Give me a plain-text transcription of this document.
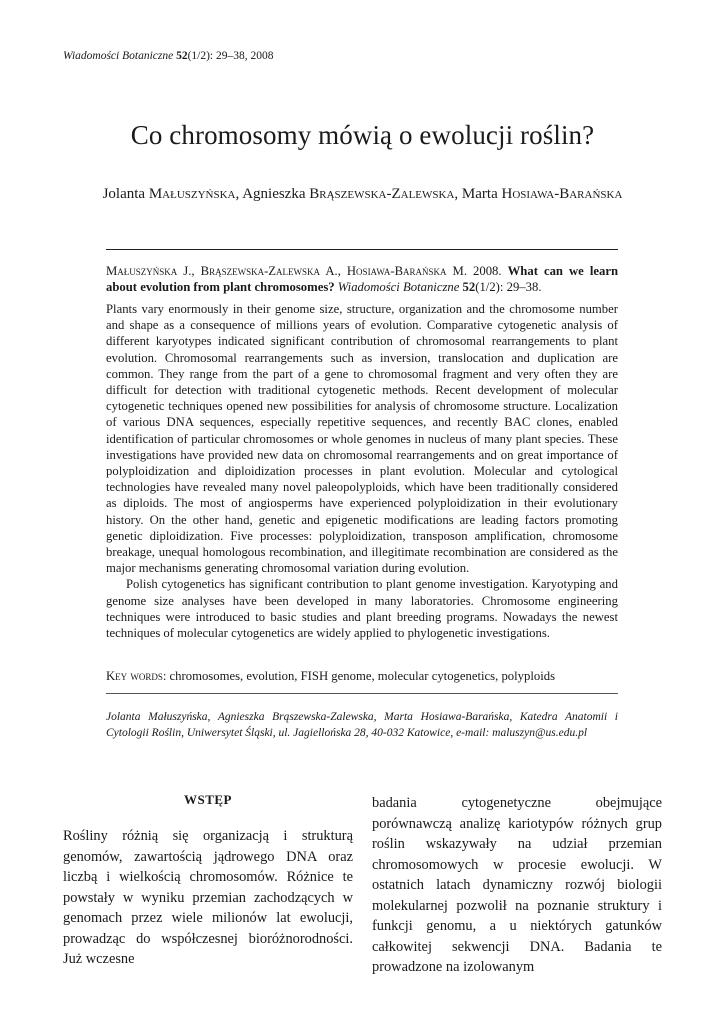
Wiadomości Botaniczne 52(1/2): 29–38, 2008
Co chromosomy mówią o ewolucji roślin?
Jolanta Małuszyńska, Agnieszka Brąszewska-Zalewska, Marta Hosiawa-Barańska
Małuszyńska J., Brąszewska-Zalewska A., Hosiawa-Barańska M. 2008. What can we learn about evolution from plant chromosomes? Wiadomości Botaniczne 52(1/2): 29–38.

Plants vary enormously in their genome size, structure, organization and the chromosome number and shape as a consequence of millions years of evolution. Comparative cytogenetic analysis of different karyotypes indicated significant contribution of chromosomal rearrangements to plant evolution. Chromosomal rearrangements such as inversion, translocation and duplication are common. They range from the part of a gene to chromosomal fragment and very often they are difficult for detection with traditional cytogenetic methods. Recent development of molecular cytogenetic techniques opened new possibilities for analysis of chromosome structure. Localization of various DNA sequences, especially repetitive sequences, and recently BAC clones, enabled identification of particular chromosomes or whole genomes in nucleus of many plant species. These investigations have provided new data on chromosomal rearrangements and on great importance of polyploidization and diploidization processes in plant evolution. Molecular and cytological technologies have revealed many novel paleopolyploids, which have been traditionally considered as diploids. The most of angiosperms have experienced polyploidization in their evolutionary history. On the other hand, genetic and epigenetic modifications are leading factors promoting genetic diploidization. Five processes: polyploidization, transposon amplification, chromosome breakage, unequal homologous recombination, and illegitimate recombination are considered as the major mechanisms generating chromosomal variation during evolution.

Polish cytogenetics has significant contribution to plant genome investigation. Karyotyping and genome size analyses have been developed in many laboratories. Chromosome engineering techniques were introduced to basic studies and plant breeding programs. Nowadays the newest techniques of molecular cytogenetics are widely applied to phylogenetic investigations.

Key words: chromosomes, evolution, FISH genome, molecular cytogenetics, polyploids
Jolanta Małuszyńska, Agnieszka Brąszewska-Zalewska, Marta Hosiawa-Barańska, Katedra Anatomii i Cytologii Roślin, Uniwersytet Śląski, ul. Jagiellońska 28, 40-032 Katowice, e-mail: maluszyn@us.edu.pl
WSTĘP

Rośliny różnią się organizacją i strukturą genomów, zawartością jądrowego DNA oraz liczbą i wielkością chromosomów. Różnice te powstały w wyniku przemian zachodzących w genomach przez wiele milionów lat ewolucji, prowadząc do współczesnej bioróżnorodności. Już wczesne

badania cytogenetyczne obejmujące porównawczą analizę kariotypów różnych grup roślin wskazywały na udział przemian chromosomowych w procesie ewolucji. W ostatnich latach dynamiczny rozwój biologii molekularnej pozwolił na poznanie struktury i funkcji genomu, a u niektórych gatunków całkowitej sekwencji DNA. Badania te prowadzone na izolowanym
